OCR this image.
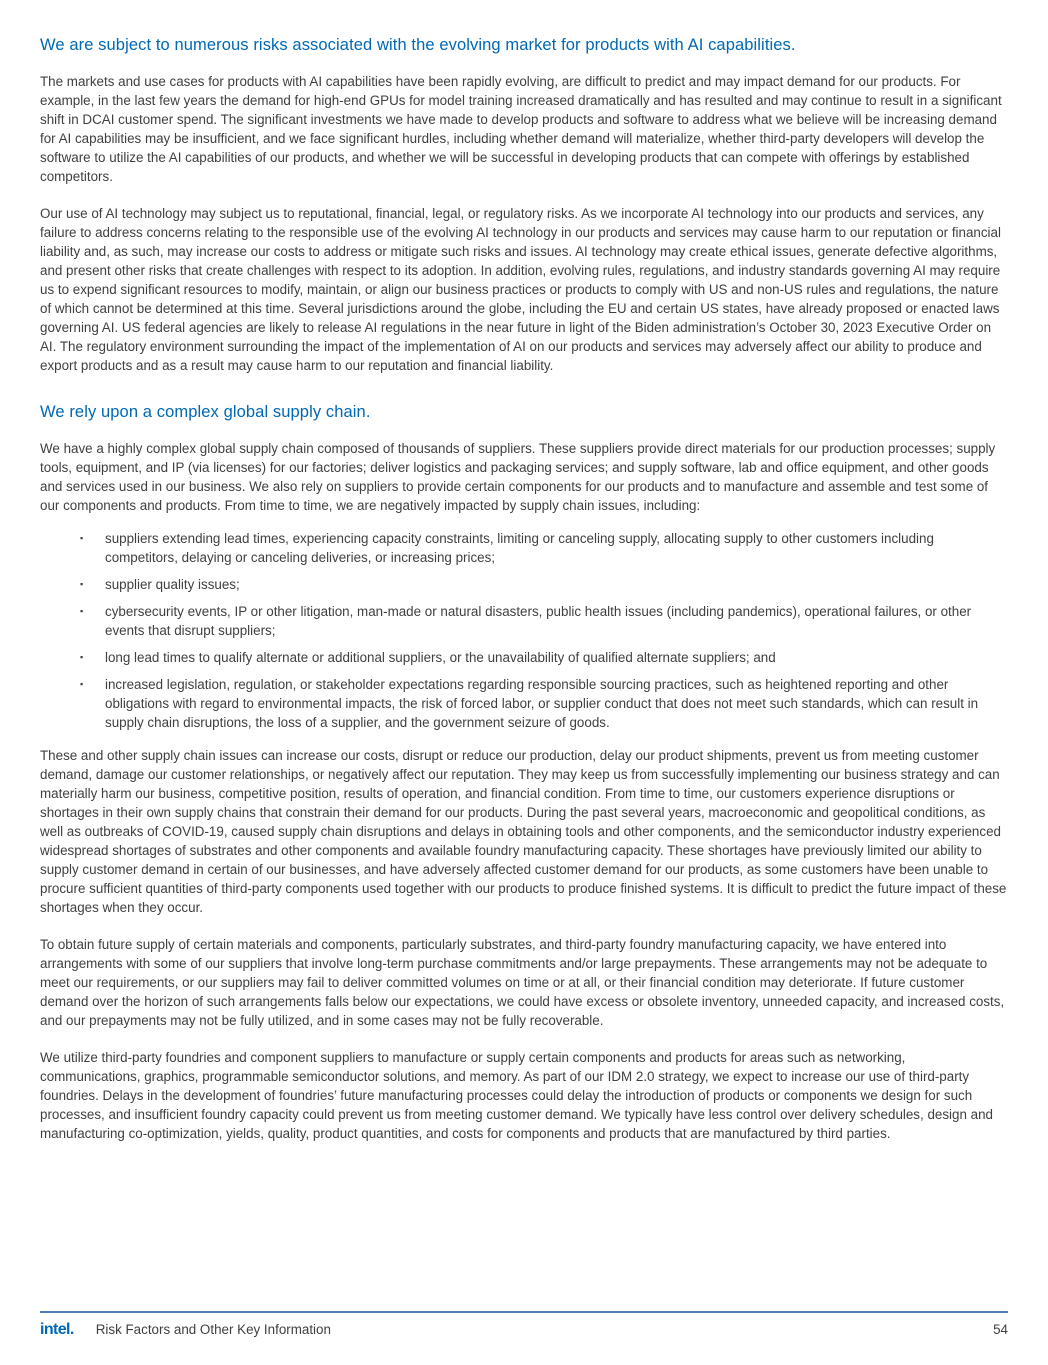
We are subject to numerous risks associated with the evolving market for products with AI capabilities.

The markets and use cases for products with AI capabilities have been rapidly evolving, are difficult to predict and may impact demand for our products. For example, in the last few years the demand for high-end GPUs for model training increased dramatically and has resulted and may continue to result in a significant shift in DCAI customer spend. The significant investments we have made to develop products and software to address what we believe will be increasing demand for AI capabilities may be insufficient, and we face significant hurdles, including whether demand will materialize, whether third-party developers will develop the software to utilize the AI capabilities of our products, and whether we will be successful in developing products that can compete with offerings by established competitors.

Our use of AI technology may subject us to reputational, financial, legal, or regulatory risks. As we incorporate AI technology into our products and services, any failure to address concerns relating to the responsible use of the evolving AI technology in our products and services may cause harm to our reputation or financial liability and, as such, may increase our costs to address or mitigate such risks and issues. AI technology may create ethical issues, generate defective algorithms, and present other risks that create challenges with respect to its adoption. In addition, evolving rules, regulations, and industry standards governing AI may require us to expend significant resources to modify, maintain, or align our business practices or products to comply with US and non-US rules and regulations, the nature of which cannot be determined at this time. Several jurisdictions around the globe, including the EU and certain US states, have already proposed or enacted laws governing AI. US federal agencies are likely to release AI regulations in the near future in light of the Biden administration’s October 30, 2023 Executive Order on AI. The regulatory environment surrounding the impact of the implementation of AI on our products and services may adversely affect our ability to produce and export products and as a result may cause harm to our reputation and financial liability.

We rely upon a complex global supply chain.

We have a highly complex global supply chain composed of thousands of suppliers. These suppliers provide direct materials for our production processes; supply tools, equipment, and IP (via licenses) for our factories; deliver logistics and packaging services; and supply software, lab and office equipment, and other goods and services used in our business. We also rely on suppliers to provide certain components for our products and to manufacture and assemble and test some of our components and products. From time to time, we are negatively impacted by supply chain issues, including:

▪	suppliers extending lead times, experiencing capacity constraints, limiting or canceling supply, allocating supply to other customers including competitors, delaying or canceling deliveries, or increasing prices;
▪	supplier quality issues;
▪	cybersecurity events, IP or other litigation, man-made or natural disasters, public health issues (including pandemics), operational failures, or other events that disrupt suppliers;
▪	long lead times to qualify alternate or additional suppliers, or the unavailability of qualified alternate suppliers; and
▪	increased legislation, regulation, or stakeholder expectations regarding responsible sourcing practices, such as heightened reporting and other obligations with regard to environmental impacts, the risk of forced labor, or supplier conduct that does not meet such standards, which can result in supply chain disruptions, the loss of a supplier, and the government seizure of goods.

These and other supply chain issues can increase our costs, disrupt or reduce our production, delay our product shipments, prevent us from meeting customer demand, damage our customer relationships, or negatively affect our reputation. They may keep us from successfully implementing our business strategy and can materially harm our business, competitive position, results of operation, and financial condition. From time to time, our customers experience disruptions or shortages in their own supply chains that constrain their demand for our products. During the past several years, macroeconomic and geopolitical conditions, as well as outbreaks of COVID-19, caused supply chain disruptions and delays in obtaining tools and other components, and the semiconductor industry experienced widespread shortages of substrates and other components and available foundry manufacturing capacity. These shortages have previously limited our ability to supply customer demand in certain of our businesses, and have adversely affected customer demand for our products, as some customers have been unable to procure sufficient quantities of third-party components used together with our products to produce finished systems. It is difficult to predict the future impact of these shortages when they occur.

To obtain future supply of certain materials and components, particularly substrates, and third-party foundry manufacturing capacity, we have entered into arrangements with some of our suppliers that involve long-term purchase commitments and/or large prepayments. These arrangements may not be adequate to meet our requirements, or our suppliers may fail to deliver committed volumes on time or at all, or their financial condition may deteriorate. If future customer demand over the horizon of such arrangements falls below our expectations, we could have excess or obsolete inventory, unneeded capacity, and increased costs, and our prepayments may not be fully utilized, and in some cases may not be fully recoverable.

We utilize third-party foundries and component suppliers to manufacture or supply certain components and products for areas such as networking, communications, graphics, programmable semiconductor solutions, and memory. As part of our IDM 2.0 strategy, we expect to increase our use of third-party foundries. Delays in the development of foundries’ future manufacturing processes could delay the introduction of products or components we design for such processes, and insufficient foundry capacity could prevent us from meeting customer demand. We typically have less control over delivery schedules, design and manufacturing co-optimization, yields, quality, product quantities, and costs for components and products that are manufactured by third parties.

intel. Risk Factors and Other Key Information	54
